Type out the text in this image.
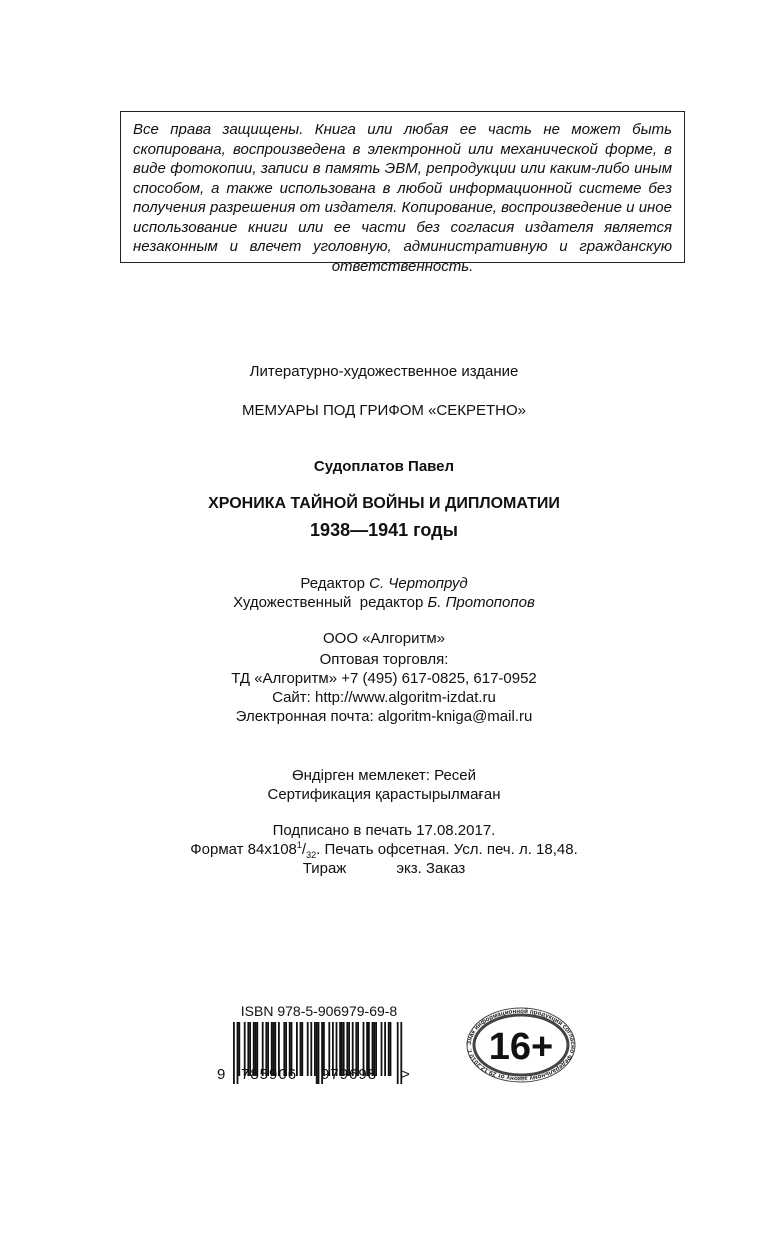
Все права защищены. Книга или любая ее часть не может быть скопирована, воспроизведена в электронной или механической форме, в виде фотокопии, записи в память ЭВМ, репродукции или каким-либо иным способом, а также использована в любой информационной системе без получения разрешения от издателя. Копирование, воспроизведение и иное использование книги или ее части без согласия издателя является незаконным и влечет уголовную, административную и гражданскую ответственность.

Литературно-художественное издание

МЕМУАРЫ ПОД ГРИФОМ «СЕКРЕТНО»

Судоплатов Павел

ХРОНИКА ТАЙНОЙ ВОЙНЫ И ДИПЛОМАТИИ

1938—1941 годы

Редактор С. Чертопруд

Художественный  редактор Б. Протопопов

ООО «Алгоритм»

Оптовая торговля:

ТД «Алгоритм» +7 (495) 617-0825, 617-0952

Сайт: http://www.algoritm-izdat.ru

Электронная почта: algoritm-kniga@mail.ru

Өндірген мемлекет: Ресей

Сертификация қарастырылмаған

Подписано в печать 17.08.2017.

Формат $84х108^1/_{32}$. Печать офсетная. Усл. печ. л. 18,48.

Тираж            экз. Заказ

ISBN 978-5-906979-69-8

9 785906 979698 >
Знак информационной продукции согласно Федеральному закону от 29.12.2010 г. 16+
